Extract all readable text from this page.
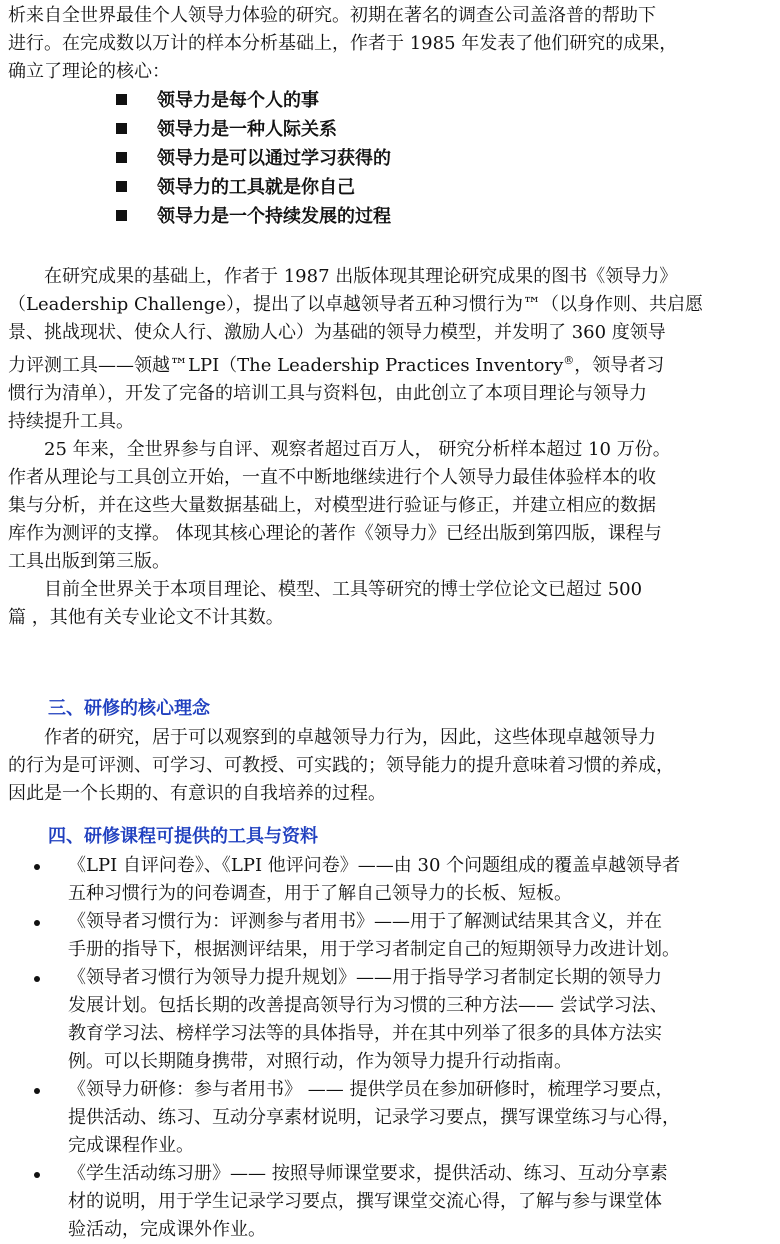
析来自全世界最佳个人领导力体验的研究。初期在著名的调查公司盖洛普的帮助下

进行。在完成数以万计的样本分析基础上，作者于 1985 年发表了他们研究的成果，

确立了理论的核心：

领导力是每个人的事
领导力是一种人际关系
领导力是可以通过学习获得的
领导力的工具就是你自己
领导力是一个持续发展的过程

在研究成果的基础上，作者于 1987 出版体现其理论研究成果的图书《领导力》

（Leadership Challenge），提出了以卓越领导者五种习惯行为™（以身作则、共启愿

景、挑战现状、使众人行、激励人心）为基础的领导力模型，并发明了 360 度领导

力评测工具——领越™LPI（The Leadership Practices Inventory®，领导者习

惯行为清单），开发了完备的培训工具与资料包，由此创立了本项目理论与领导力

持续提升工具。

25 年来，全世界参与自评、观察者超过百万人， 研究分析样本超过 10 万份。

作者从理论与工具创立开始，一直不中断地继续进行个人领导力最佳体验样本的收

集与分析，并在这些大量数据基础上，对模型进行验证与修正，并建立相应的数据

库作为测评的支撑。 体现其核心理论的著作《领导力》已经出版到第四版，课程与

工具出版到第三版。

目前全世界关于本项目理论、模型、工具等研究的博士学位论文已超过 500

篇 ，其他有关专业论文不计其数。

三、研修的核心理念

作者的研究，居于可以观察到的卓越领导力行为，因此，这些体现卓越领导力

的行为是可评测、可学习、可教授、可实践的；领导能力的提升意味着习惯的养成，

因此是一个长期的、有意识的自我培养的过程。

四、研修课程可提供的工具与资料

《LPI 自评问卷》、《LPI 他评问卷》——由 30 个问题组成的覆盖卓越领导者

五种习惯行为的问卷调查，用于了解自己领导力的长板、短板。

《领导者习惯行为：评测参与者用书》——用于了解测试结果其含义，并在

手册的指导下，根据测评结果，用于学习者制定自己的短期领导力改进计划。

《领导者习惯行为领导力提升规划》——用于指导学习者制定长期的领导力

发展计划。包括长期的改善提高领导行为习惯的三种方法—— 尝试学习法、

教育学习法、榜样学习法等的具体指导，并在其中列举了很多的具体方法实

例。可以长期随身携带，对照行动，作为领导力提升行动指南。

《领导力研修：参与者用书》 —— 提供学员在参加研修时，梳理学习要点，

提供活动、练习、互动分享素材说明，记录学习要点，撰写课堂练习与心得，

完成课程作业。

《学生活动练习册》—— 按照导师课堂要求，提供活动、练习、互动分享素

材的说明，用于学生记录学习要点，撰写课堂交流心得，了解与参与课堂体

验活动，完成课外作业。
